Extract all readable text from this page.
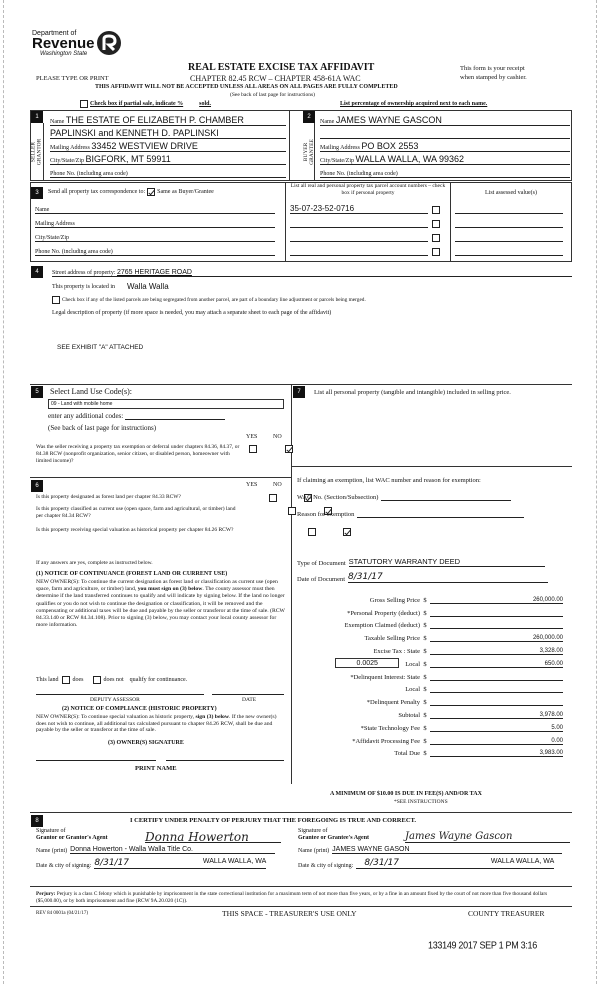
Department of
Revenue
Washington State
PLEASE TYPE OR PRINT
REAL ESTATE EXCISE TAX AFFIDAVIT
CHAPTER 82.45 RCW – CHAPTER 458-61A WAC
This form is your receipt
when stamped by cashier.
THIS AFFIDAVIT WILL NOT BE ACCEPTED UNLESS ALL AREAS ON ALL PAGES ARE FULLY COMPLETED
(See back of last page for instructions)
Check box if partial sale, indicate %	sold.	List percentage of ownership acquired next to each name.
1
SELLER GRANTOR
Name
THE ESTATE OF ELIZABETH P. CHAMBER
PAPLINSKI and KENNETH D. PAPLINSKI
Mailing Address
33452 WESTVIEW DRIVE
City/State/Zip
BIGFORK, MT 59911
Phone No. (including area code)
2
BUYER GRANTEE
Name
JAMES WAYNE GASCON
Mailing Address
PO BOX 2553
City/State/Zip
WALLA WALLA, WA 99362
Phone No. (including area code)
3	Send all property tax correspondence to: Same as Buyer/Grantee
Name
Mailing Address
City/State/Zip
Phone No. (including area code)
List all real and personal property tax parcel account numbers – check box if personal property	List assessed value(s)
35-07-23-52-0716
4	Street address of property:
2765 HERITAGE ROAD
This property is located in Walla Walla
Check box if any of the listed parcels are being segregated from another parcel, are part of a boundary line adjustment or parcels being merged.
Legal description of property (if more space is needed, you may attach a separate sheet to each page of the affidavit)
SEE EXHIBIT "A" ATTACHED
5	Select Land Use Code(s):
09 - Land with mobile home
enter any additional codes:
(See back of last page for instructions)
YES	NO
Was the seller receiving a property tax exemption or deferral under chapters 84.36, 84.37, or 84.38 RCW (nonprofit organization, senior citizen, or disabled person, homeowner with limited income)?

6	YES	NO
Is this property designated as forest land per chapter 84.33 RCW?

Is this property classified as current use (open space, farm and agricultural, or timber) land per chapter 84.34 RCW?

Is this property receiving special valuation as historical property per chapter 84.26 RCW?

If any answers are yes, complete as instructed below.
(1) NOTICE OF CONTINUANCE (FOREST LAND OR CURRENT USE)
NEW OWNER(S): To continue the current designation as forest land or classification as current use (open space, farm and agriculture, or timber) land, you must sign on (3) below. The county assessor must then determine if the land transferred continues to qualify and will indicate by signing below. If the land no longer qualifies or you do not wish to continue the designation or classification, it will be removed and the compensating or additional taxes will be due and payable by the seller or transferor at the time of sale. (RCW 84.33.140 or RCW 84.34.108). Prior to signing (3) below, you may contact your local county assessor for more information.
This land does	does not qualify for continuance.
DEPUTY ASSESSOR	DATE
(2) NOTICE OF COMPLIANCE (HISTORIC PROPERTY)
NEW OWNER(S): To continue special valuation as historic property, sign (3) below. If the new owner(s) does not wish to continue, all additional tax calculated pursuant to chapter 84.26 RCW, shall be due and payable by the seller or transferor at the time of sale.
(3) OWNER(S) SIGNATURE
PRINT NAME
7	List all personal property (tangible and intangible) included in selling price.
If claiming an exemption, list WAC number and reason for exemption:
WAC No. (Section/Subsection)
Reason for exemption
Type of Document STATUTORY WARRANTY DEED
Date of Document 8/31/17
Gross Selling Price $	260,000.00
*Personal Property (deduct) $
Exemption Claimed (deduct) $
Taxable Selling Price $	260,000.00
Excise Tax : State $	3,328.00
0.0025	Local $	650.00
*Delinquent Interest: State $
Local $
*Delinquent Penalty $
Subtotal $	3,978.00
*State Technology Fee $	5.00
*Affidavit Processing Fee $	0.00
Total Due $	3,983.00
A MINIMUM OF $10.00 IS DUE IN FEE(S) AND/OR TAX
*SEE INSTRUCTIONS
8	I CERTIFY UNDER PENALTY OF PERJURY THAT THE FOREGOING IS TRUE AND CORRECT.
Signature of
Grantor or Grantor's Agent	Donna Howerton
Name (print) Donna Howerton - Walla Walla Title Co.
Date & city of signing: 8/31/17	WALLA WALLA, WA
Signature of
Grantee or Grantee's Agent	James Wayne Gascon
Name (print) JAMES WAYNE GASON
Date & city of signing:	8/31/17	WALLA WALLA, WA
Perjury: Perjury is a class C felony which is punishable by imprisonment in the state correctional institution for a maximum term of not more than five years, or by a fine in an amount fixed by the court of not more than five thousand dollars ($5,000.00), or by both imprisonment and fine (RCW 9A.20.020 (1C)).
REV 84 0001a (04/21/17)	THIS SPACE - TREASURER'S USE ONLY	COUNTY TREASURER
133149 2017 SEP 1 PM 3:16
